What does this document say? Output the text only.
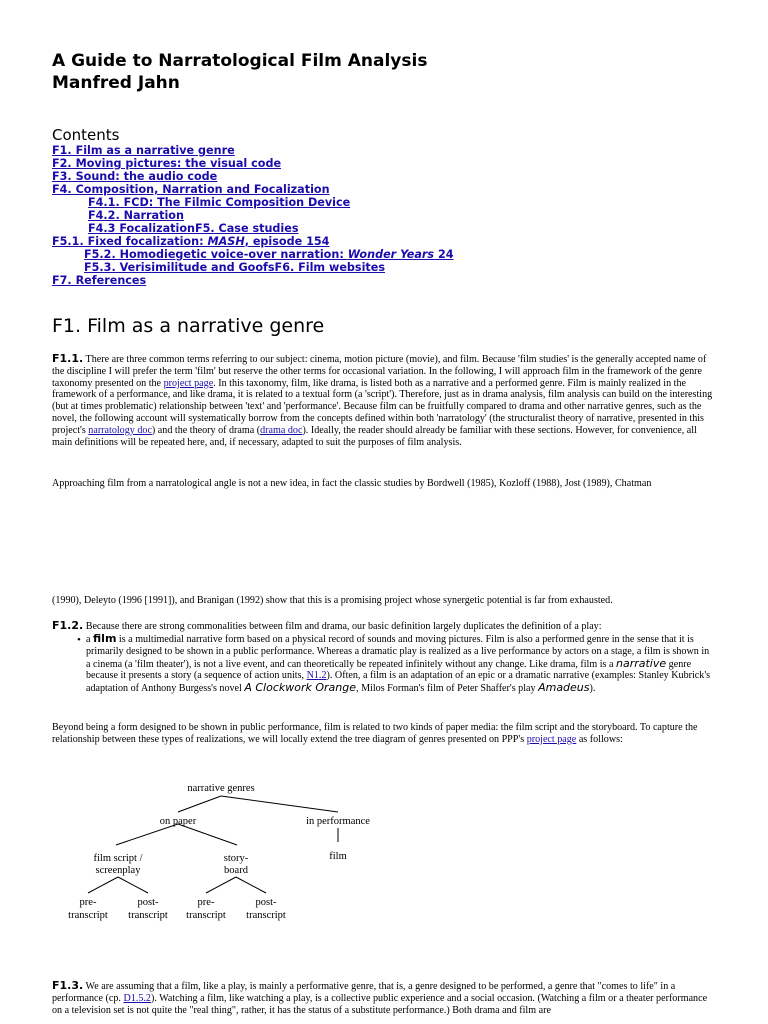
A Guide to Narratological Film Analysis
Manfred Jahn
Contents
F1. Film as a narrative genre
F2. Moving pictures: the visual code
F3. Sound: the audio code
F4. Composition, Narration and Focalization
F4.1. FCD: The Filmic Composition Device
F4.2. Narration
F4.3 FocalizationF5. Case studies
F5.1. Fixed focalization: MASH, episode 154
F5.2. Homodiegetic voice-over narration: Wonder Years 24
F5.3. Verisimilitude and GoofsF6. Film websites
F7. References
F1. Film as a narrative genre
F1.1. There are three common terms referring to our subject: cinema, motion picture (movie), and film. Because 'film studies' is the generally accepted name of the discipline I will prefer the term 'film' but reserve the other terms for occasional variation. In the following, I will approach film in the framework of the genre taxonomy presented on the project page. In this taxonomy, film, like drama, is listed both as a narrative and a performed genre. Film is mainly realized in the framework of a performance, and like drama, it is related to a textual form (a 'script'). Therefore, just as in drama analysis, film analysis can build on the interesting (but at times problematic) relationship between 'text' and 'performance'. Because film can be fruitfully compared to drama and other narrative genres, such as the novel, the following account will systematically borrow from the concepts defined within both 'narratology' (the structuralist theory of narrative, presented in this project's narratology doc) and the theory of drama (drama doc). Ideally, the reader should already be familiar with these sections. However, for convenience, all main definitions will be repeated here, and, if necessary, adapted to suit the purposes of film analysis.
Approaching film from a narratological angle is not a new idea, in fact the classic studies by Bordwell (1985), Kozloff (1988), Jost (1989), Chatman
(1990), Deleyto (1996 [1991]), and Branigan (1992) show that this is a promising project whose synergetic potential is far from exhausted.
F1.2. Because there are strong commonalities between film and drama, our basic definition largely duplicates the definition of a play:
• a film is a multimedial narrative form based on a physical record of sounds and moving pictures. Film is also a performed genre in the sense that it is primarily designed to be shown in a public performance. Whereas a dramatic play is realized as a live performance by actors on a stage, a film is shown in a cinema (a 'film theater'), is not a live event, and can theoretically be repeated infinitely without any change. Like drama, film is a narrative genre because it presents a story (a sequence of action units, N1.2). Often, a film is an adaptation of an epic or a dramatic narrative (examples: Stanley Kubrick's adaptation of Anthony Burgess's novel A Clockwork Orange, Milos Forman's film of Peter Shaffer's play Amadeus).
Beyond being a form designed to be shown in public performance, film is related to two kinds of paper media: the film script and the storyboard. To capture the relationship between these types of realizations, we will locally extend the tree diagram of genres presented on PPP's project page as follows:
narrative genres
on paper	in performance
film script /
screenplay
story-
board
film
pre-
transcript
post-
transcript
pre-
transcript
post-
transcript
F1.3. We are assuming that a film, like a play, is mainly a performative genre, that is, a genre designed to be performed, a genre that "comes to life" in a performance (cp. D1.5.2). Watching a film, like watching a play, is a collective public experience and a social occasion. (Watching a film or a theater performance on a television set is not quite the "real thing", rather, it has the status of a substitute performance.) Both drama and film are
